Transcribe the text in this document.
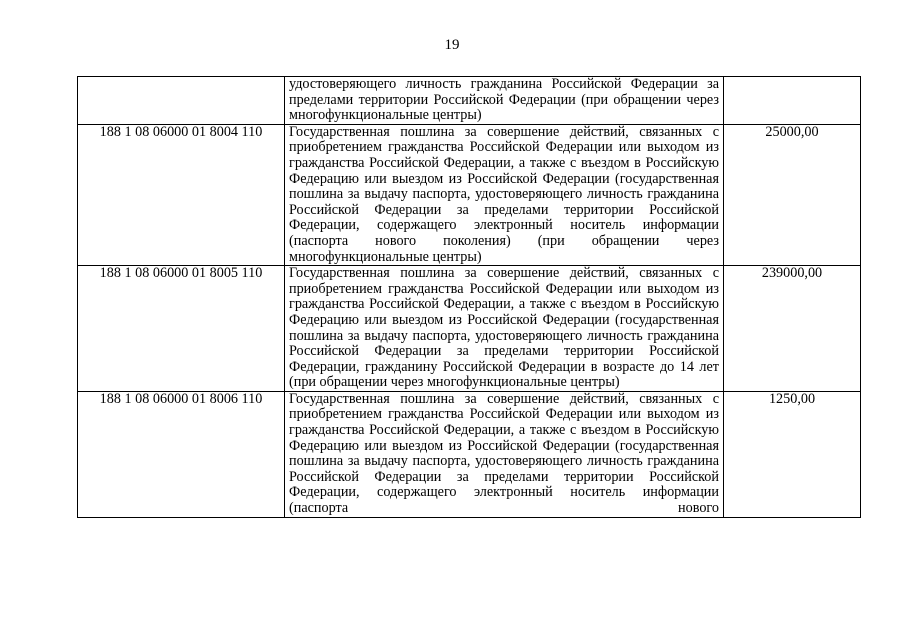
19

	удостоверяющего личность гражданина Российской Федерации за пределами территории Российской Федерации (при обращении через многофункциональные центры)	

188 1 08 06000 01 8004 110	Государственная пошлина за совершение действий, связанных с приобретением гражданства Российской Федерации или выходом из гражданства Российской Федерации, а также с въездом в Российскую Федерацию или выездом из Российской Федерации (государственная пошлина за выдачу паспорта, удостоверяющего личность гражданина Российской Федерации за пределами территории Российской Федерации, содержащего электронный носитель информации (паспорта нового поколения) (при обращении через многофункциональные центры)	25000,00
188 1 08 06000 01 8005 110	Государственная пошлина за совершение действий, связанных с приобретением гражданства Российской Федерации или выходом из гражданства Российской Федерации, а также с въездом в Российскую Федерацию или выездом из Российской Федерации (государственная пошлина за выдачу паспорта, удостоверяющего личность гражданина Российской Федерации за пределами территории Российской Федерации, гражданину Российской Федерации в возрасте до 14 лет (при обращении через многофункциональные центры)	239000,00
188 1 08 06000 01 8006 110	Государственная пошлина за совершение действий, связанных с приобретением гражданства Российской Федерации или выходом из гражданства Российской Федерации, а также с въездом в Российскую Федерацию или выездом из Российской Федерации (государственная пошлина за выдачу паспорта, удостоверяющего личность гражданина Российской Федерации за пределами территории Российской Федерации, содержащего электронный носитель информации (паспорта нового	1250,00
